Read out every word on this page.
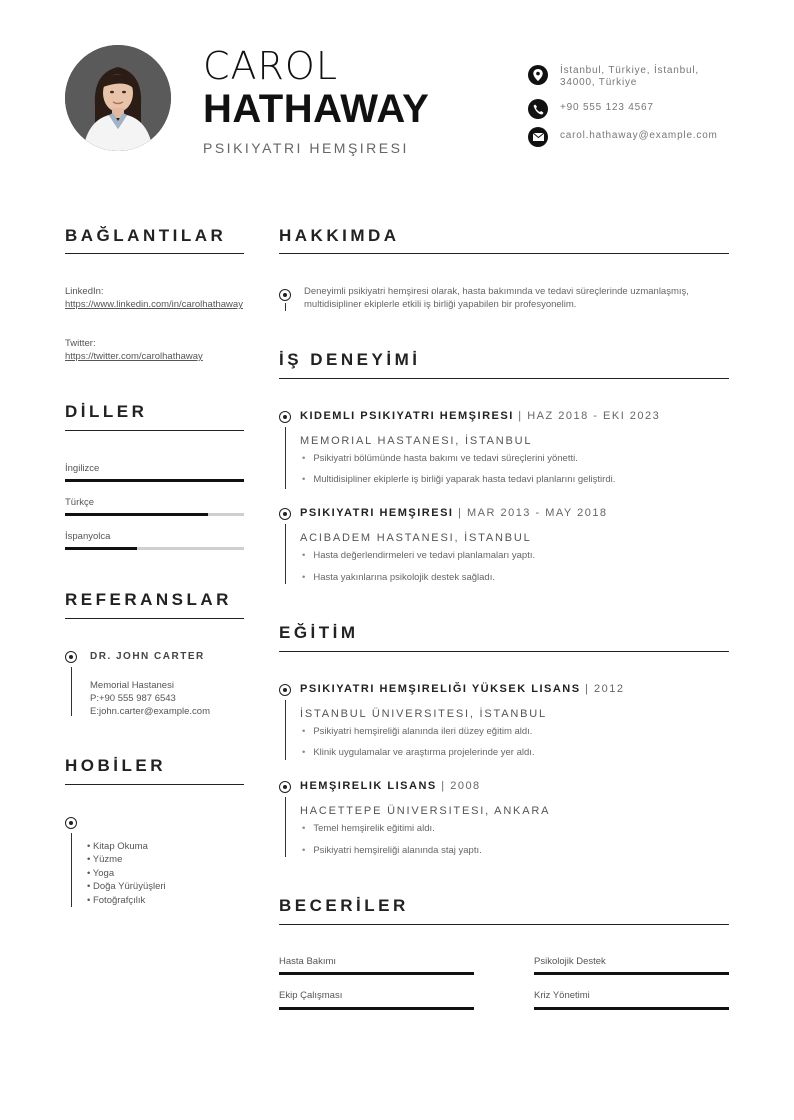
CAROL
HATHAWAY
PSIKIYATRI HEMŞIRESI
İstanbul, Türkiye, İstanbul, 34000, Türkiye
+90 555 123 4567
carol.hathaway@example.com
BAĞLANTILAR
LinkedIn:
https://www.linkedin.com/in/carolhathaway
Twitter:
https://twitter.com/carolhathaway
DİLLER
İngilizce
Türkçe
İspanyolca
REFERANSLAR
DR. JOHN CARTER
Memorial Hastanesi
P:+90 555 987 6543
E:john.carter@example.com
HOBİLER
• Kitap Okuma
• Yüzme
• Yoga
• Doğa Yürüyüşleri
• Fotoğrafçılık
HAKKIMDA
Deneyimli psikiyatri hemşiresi olarak, hasta bakımında ve tedavi süreçlerinde uzmanlaşmış, multidisipliner ekiplerle etkili iş birliği yapabilen bir profesyonelim.
İŞ DENEYİMİ
KIDEMLI PSIKIYATRI HEMŞIRESI | HAZ 2018 - EKI 2023
MEMORIAL HASTANESI, İSTANBUL
• Psikiyatri bölümünde hasta bakımı ve tedavi süreçlerini yönetti.
• Multidisipliner ekiplerle iş birliği yaparak hasta tedavi planlarını geliştirdi.
PSIKIYATRI HEMŞIRESI | MAR 2013 - MAY 2018
ACIBADEM HASTANESI, İSTANBUL
• Hasta değerlendirmeleri ve tedavi planlamaları yaptı.
• Hasta yakınlarına psikolojik destek sağladı.
EĞİTİM
PSIKIYATRI HEMŞIRELIĞI YÜKSEK LISANS | 2012
İSTANBUL ÜNIVERSITESI, İSTANBUL
• Psikiyatri hemşireliği alanında ileri düzey eğitim aldı.
• Klinik uygulamalar ve araştırma projelerinde yer aldı.
HEMŞIRELIK LISANS | 2008
HACETTEPE ÜNIVERSITESI, ANKARA
• Temel hemşirelik eğitimi aldı.
• Psikiyatri hemşireliği alanında staj yaptı.
BECERİLER
Hasta Bakımı	Psikolojik Destek
Ekip Çalışması	Kriz Yönetimi
